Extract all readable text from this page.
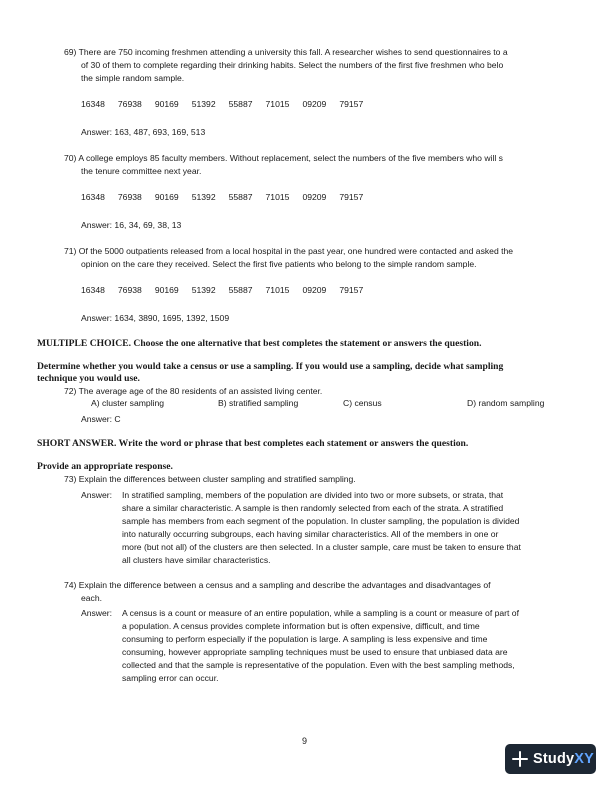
69) There are 750 incoming freshmen attending a university this fall. A researcher wishes to send questionnaires to a
of 30 of them to complete regarding their drinking habits. Select the numbers of the first five freshmen who belo
the simple random sample.
16348 76938 90169 51392 55887 71015 09209 79157
Answer: 163, 487, 693, 169, 513
70) A college employs 85 faculty members. Without replacement, select the numbers of the five members who will s
the tenure committee next year.
16348 76938 90169 51392 55887 71015 09209 79157
Answer: 16, 34, 69, 38, 13
71) Of the 5000 outpatients released from a local hospital in the past year, one hundred were contacted and asked the
opinion on the care they received. Select the first five patients who belong to the simple random sample.
16348 76938 90169 51392 55887 71015 09209 79157
Answer: 1634, 3890, 1695, 1392, 1509
MULTIPLE CHOICE. Choose the one alternative that best completes the statement or answers the question.
Determine whether you would take a census or use a sampling. If you would use a sampling, decide what sampling
technique you would use.
72) The average age of the 80 residents of an assisted living center.
A) cluster sampling	B) stratified sampling	C) census	D) random sampling
Answer: C
SHORT ANSWER. Write the word or phrase that best completes each statement or answers the question.
Provide an appropriate response.
73) Explain the differences between cluster sampling and stratified sampling.
Answer: In stratified sampling, members of the population are divided into two or more subsets, or strata, that
share a similar characteristic. A sample is then randomly selected from each of the strata. A stratified
sample has members from each segment of the population. In cluster sampling, the population is divided
into naturally occurring subgroups, each having similar characteristics. All of the members in one or
more (but not all) of the clusters are then selected. In a cluster sample, care must be taken to ensure that
all clusters have similar characteristics.
74) Explain the difference between a census and a sampling and describe the advantages and disadvantages of
each.
Answer: A census is a count or measure of an entire population, while a sampling is a count or measure of part of
a population. A census provides complete information but is often expensive, difficult, and time
consuming to perform especially if the population is large. A sampling is less expensive and time
consuming, however appropriate sampling techniques must be used to ensure that unbiased data are
collected and that the sample is representative of the population. Even with the best sampling methods,
sampling error can occur.
9
StudyXY
